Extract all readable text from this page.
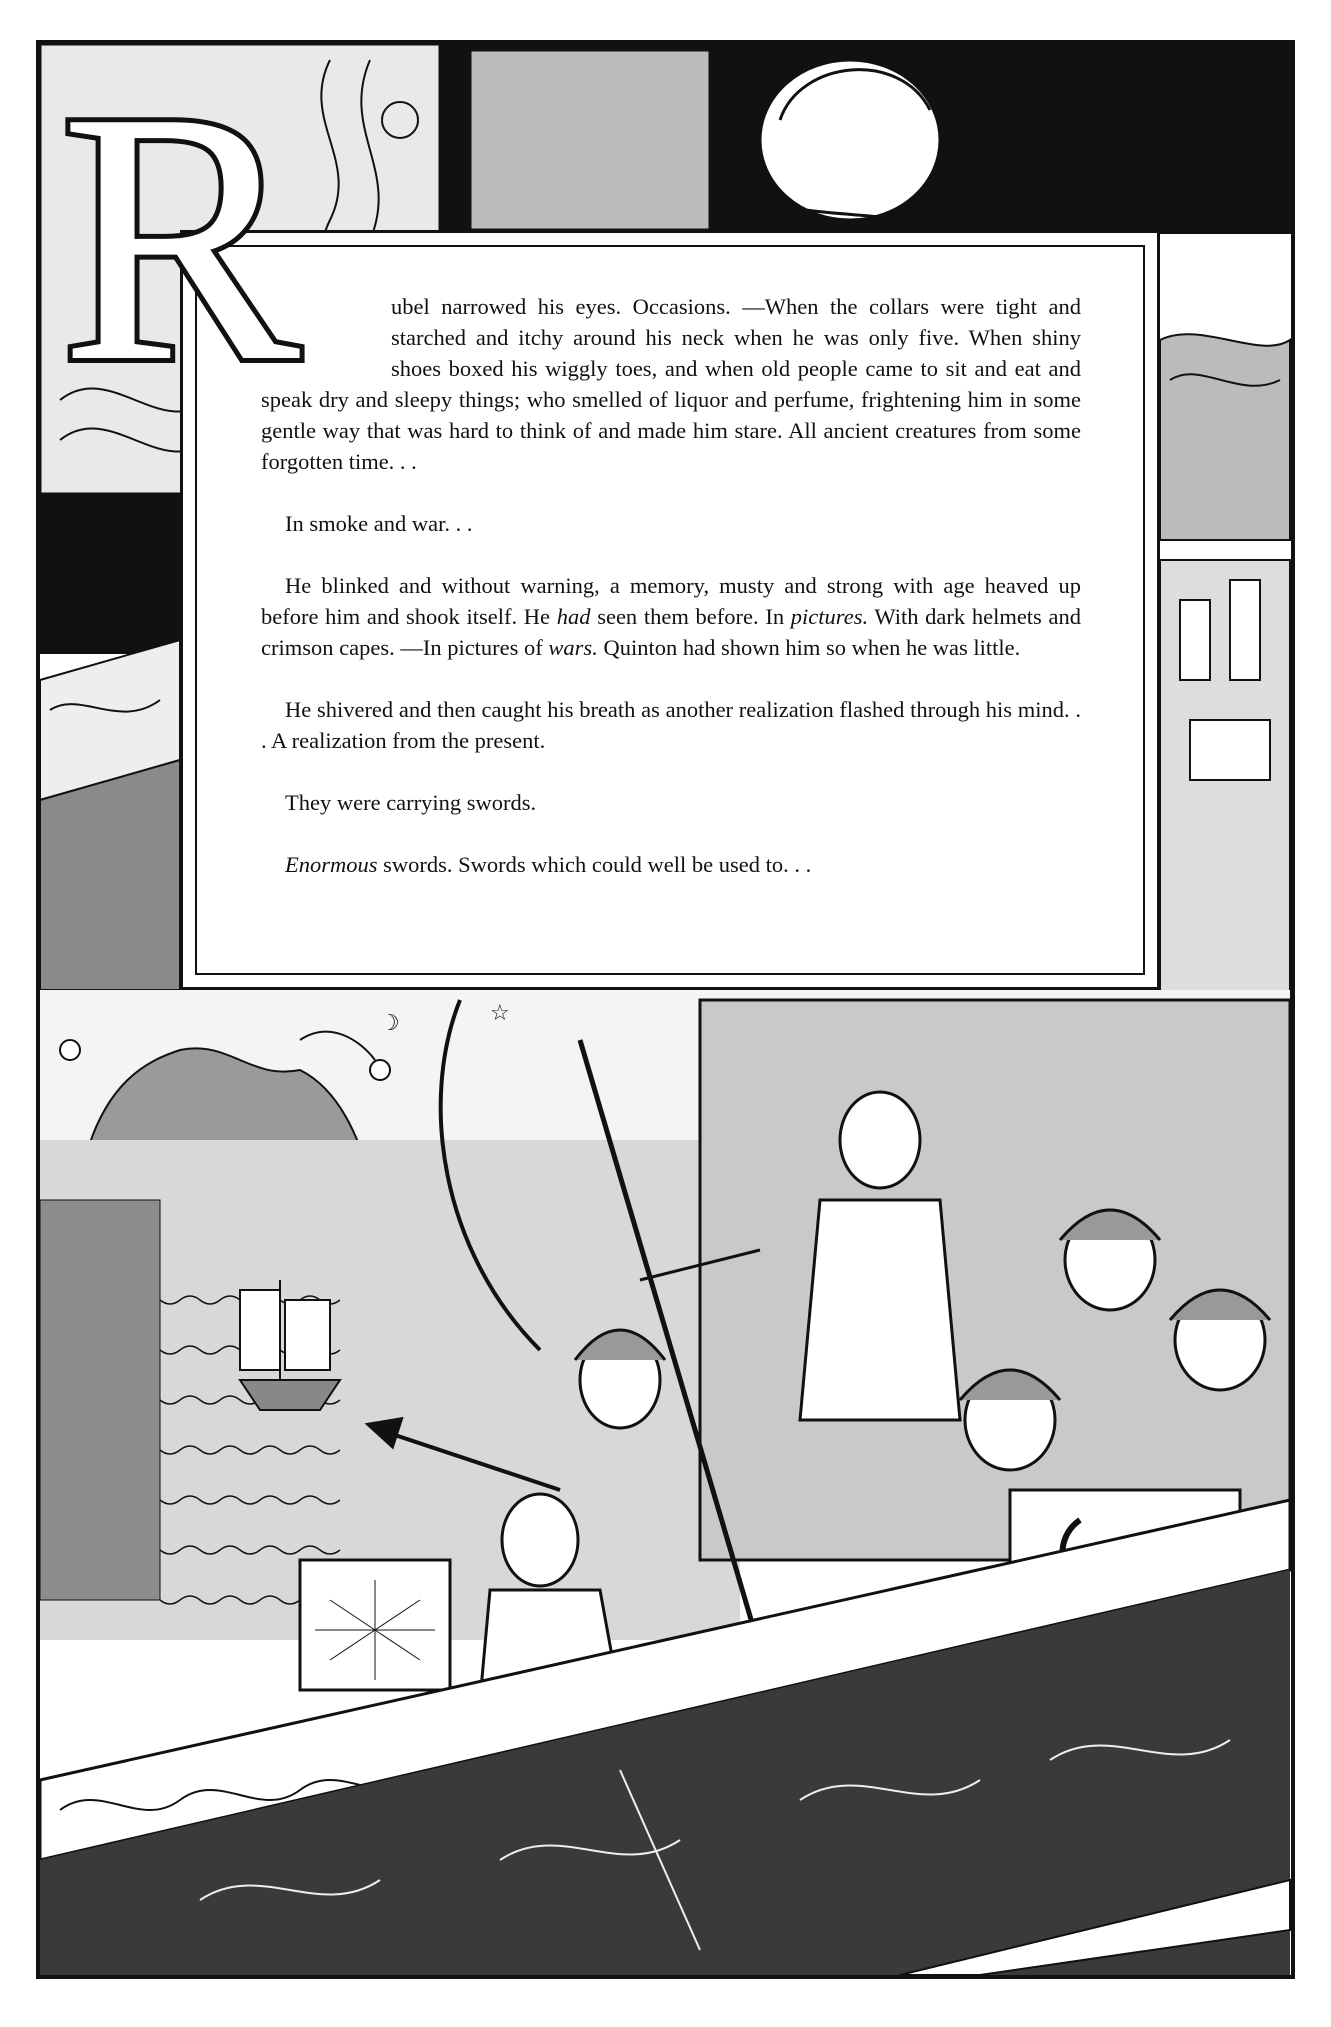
☆
☽

ubel narrowed his eyes. Occasions. —When the collars were tight and starched and itchy around his neck when he was only five. When shiny shoes boxed his wiggly toes, and when old people came to sit and eat and speak dry and sleepy things; who smelled of liquor and perfume, frightening him in some gentle way that was hard to think of and made him stare. All ancient creatures from some forgotten time. . .

In smoke and war. . .

He blinked and without warning, a memory, musty and strong with age heaved up before him and shook itself. He had seen them before. In pictures. With dark helmets and crimson capes. —In pictures of wars. Quinton had shown him so when he was little.

He shivered and then caught his breath as another realization flashed through his mind. . . A realization from the present.

They were carrying swords.

Enormous swords. Swords which could well be used to. . .

R
